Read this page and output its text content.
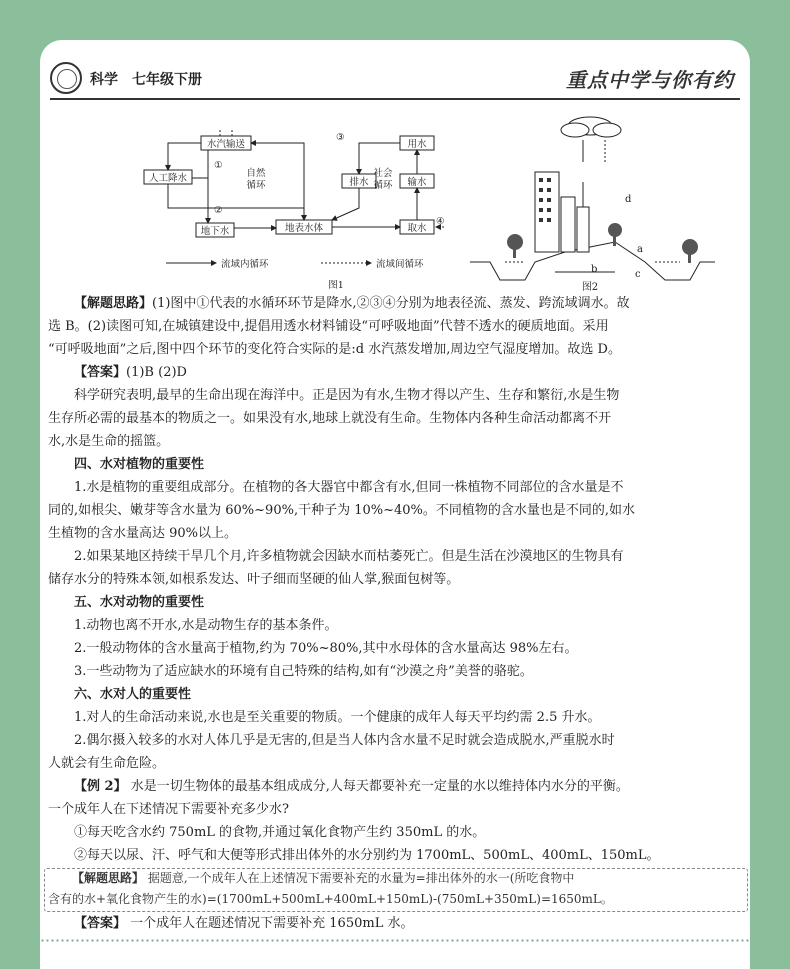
科学 七年级下册	重点中学与你有约
水汽输送
人工降水
地下水	地表水体
排水
用水
输水
取水
自然
循环
社会
循环
①
②
③
④
流域内循环	流域间循环
图1
a
b	c
d
图2
【解题思路】(1)图中①代表的水循环环节是降水,②③④分别为地表径流、蒸发、跨流域调水。故
选 B。(2)读图可知,在城镇建设中,提倡用透水材料铺设“可呼吸地面”代替不透水的硬质地面。采用
“可呼吸地面”之后,图中四个环节的变化符合实际的是:d 水汽蒸发增加,周边空气湿度增加。故选 D。
【答案】(1)B (2)D
科学研究表明,最早的生命出现在海洋中。正是因为有水,生物才得以产生、生存和繁衍,水是生物
生存所必需的最基本的物质之一。如果没有水,地球上就没有生命。生物体内各种生命活动都离不开
水,水是生命的摇篮。
四、水对植物的重要性
1.水是植物的重要组成部分。在植物的各大器官中都含有水,但同一株植物不同部位的含水量是不
同的,如根尖、嫩芽等含水量为 60%~90%,干种子为 10%~40%。不同植物的含水量也是不同的,如水
生植物的含水量高达 90%以上。
2.如果某地区持续干旱几个月,许多植物就会因缺水而枯萎死亡。但是生活在沙漠地区的生物具有
储存水分的特殊本领,如根系发达、叶子细而坚硬的仙人掌,猴面包树等。
五、水对动物的重要性
1.动物也离不开水,水是动物生存的基本条件。
2.一般动物体的含水量高于植物,约为 70%~80%,其中水母体的含水量高达 98%左右。
3.一些动物为了适应缺水的环境有自己特殊的结构,如有“沙漠之舟”美誉的骆驼。
六、水对人的重要性
1.对人的生命活动来说,水也是至关重要的物质。一个健康的成年人每天平均约需 2.5 升水。
2.偶尔摄入较多的水对人体几乎是无害的,但是当人体内含水量不足时就会造成脱水,严重脱水时
人就会有生命危险。
【例 2】 水是一切生物体的最基本组成成分,人每天都要补充一定量的水以维持体内水分的平衡。
一个成年人在下述情况下需要补充多少水?
①每天吃含水约 750mL 的食物,并通过氧化食物产生约 350mL 的水。
②每天以尿、汗、呼气和大便等形式排出体外的水分别约为 1700mL、500mL、400mL、150mL。
【解题思路】 据题意,一个成年人在上述情况下需要补充的水量为=排出体外的水一(所吃食物中
含有的水+氧化食物产生的水)=(1700mL+500mL+400mL+150mL)-(750mL+350mL)=1650mL。
【答案】 一个成年人在题述情况下需要补充 1650mL 水。
